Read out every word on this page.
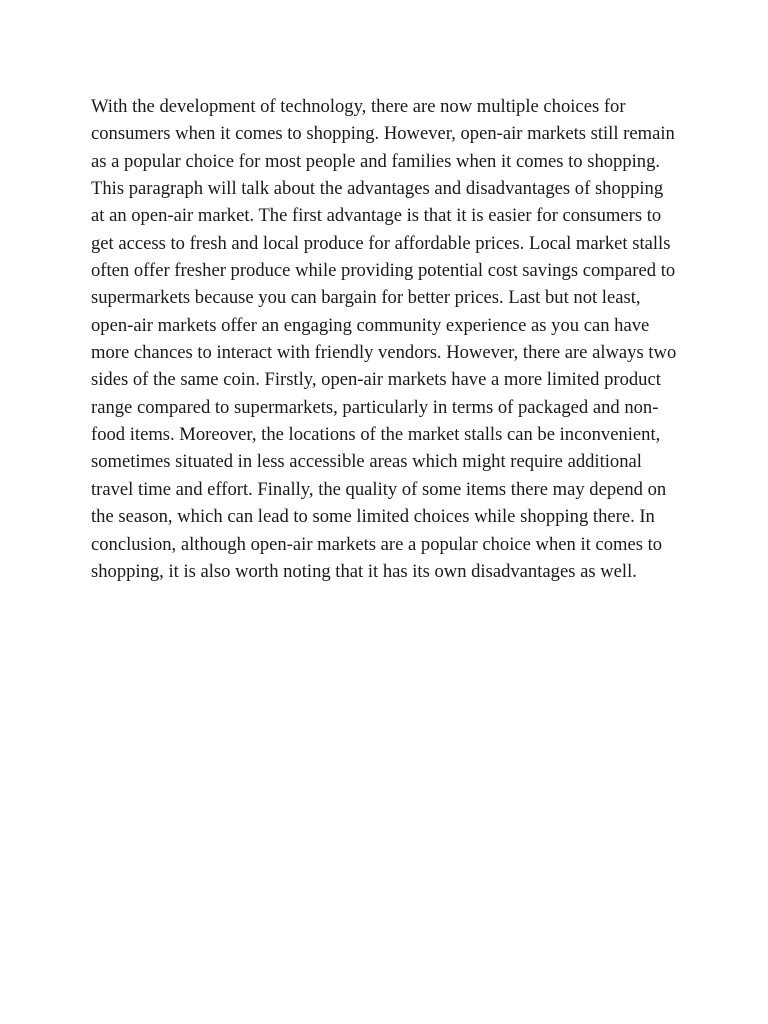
With the development of technology, there are now multiple choices for consumers when it comes to shopping. However, open-air markets still remain as a popular choice for most people and families when it comes to shopping. This paragraph will talk about the advantages and disadvantages of shopping at an open-air market. The first advantage is that it is easier for consumers to get access to fresh and local produce for affordable prices. Local market stalls often offer fresher produce while providing potential cost savings compared to supermarkets because you can bargain for better prices. Last but not least, open-air markets offer an engaging community experience as you can have more chances to interact with friendly vendors. However, there are always two sides of the same coin. Firstly, open-air markets have a more limited product range compared to supermarkets, particularly in terms of packaged and non-food items. Moreover, the locations of the market stalls can be inconvenient, sometimes situated in less accessible areas which might require additional travel time and effort. Finally, the quality of some items there may depend on the season, which can lead to some limited choices while shopping there. In conclusion, although open-air markets are a popular choice when it comes to shopping, it is also worth noting that it has its own disadvantages as well.
